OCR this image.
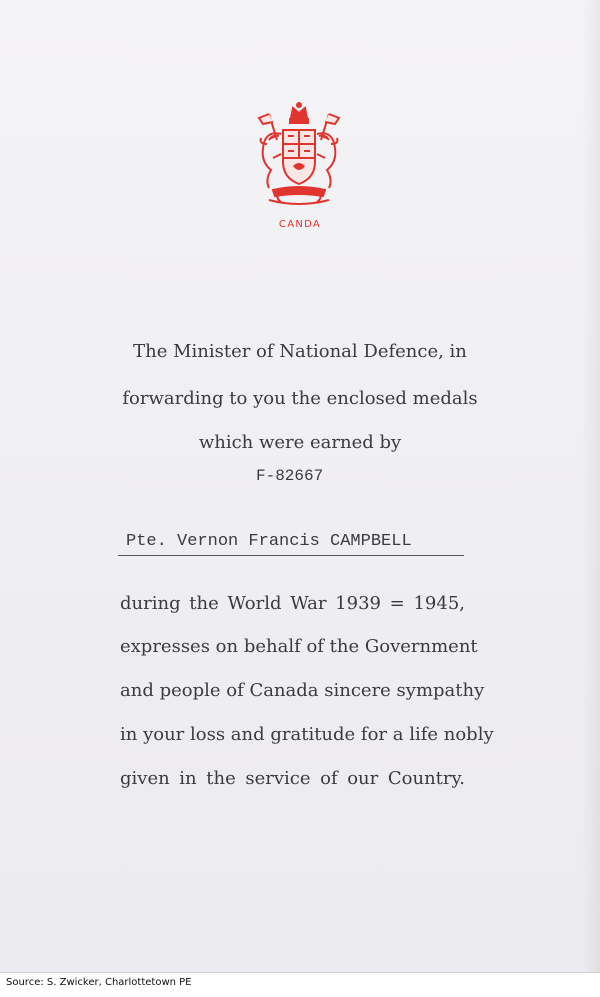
CANDA
The Minister of National Defence, in
forwarding to you the enclosed medals
which were earned by
F-82667
Pte. Vernon Francis CAMPBELL
during the World War 1939 = 1945,
expresses on behalf of the Government
and people of Canada sincere sympathy
in your loss and gratitude for a life nobly
given in the service of our Country.
Source: S. Zwicker, Charlottetown PE
